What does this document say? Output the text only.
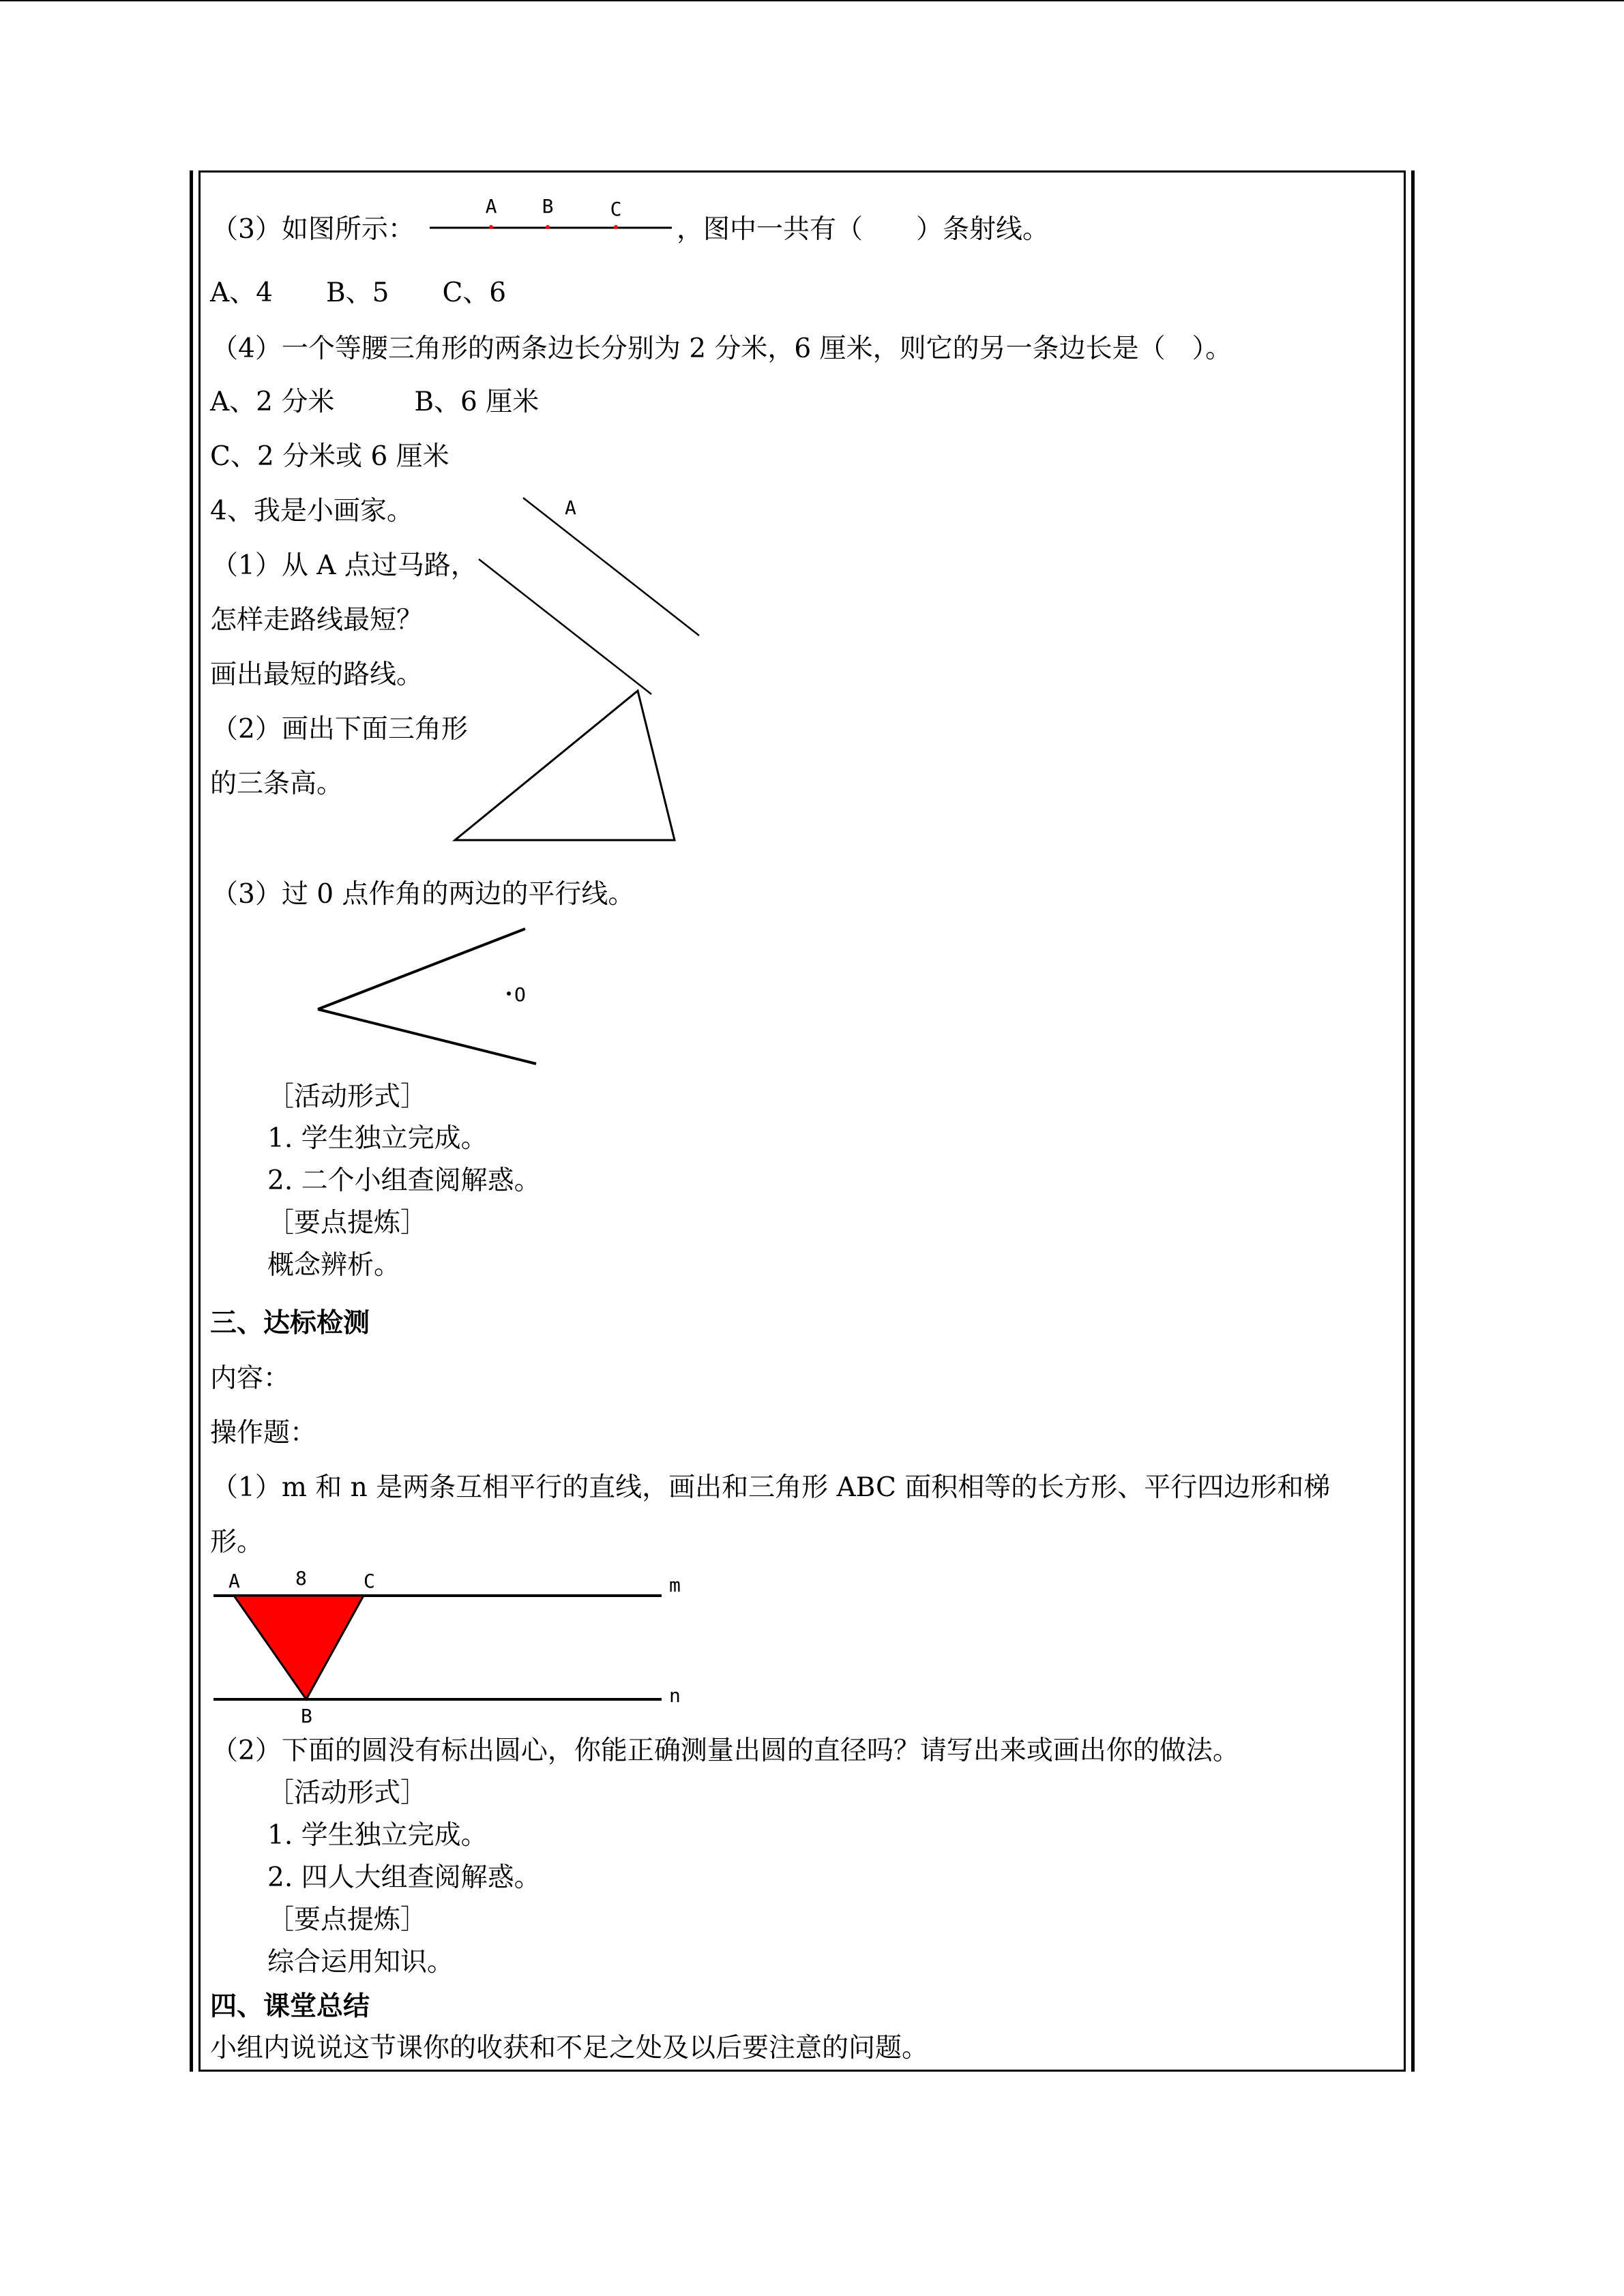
（3）如图所示：
A B	C
，图中一共有（　　）条射线。
A、4　　B、5　　C、6
（4）一个等腰三角形的两条边长分别为 2 分米，6 厘米，则它的另一条边长是（　）。
A、2 分米　　　B、6 厘米
C、2 分米或 6 厘米
4、我是小画家。
（1）从 A 点过马路，
怎样走路线最短？
画出最短的路线。
A
（2）画出下面三角形
的三条高。
（3）过 0 点作角的两边的平行线。
O
［活动形式］
1. 学生独立完成。
2. 二个小组查阅解惑。
［要点提炼］
概念辨析。
三、达标检测
内容：
操作题：
（1）m 和 n 是两条互相平行的直线，画出和三角形 ABC 面积相等的长方形、平行四边形和梯
形。
A	8	C
B
m
n
（2）下面的圆没有标出圆心，你能正确测量出圆的直径吗？请写出来或画出你的做法。
［活动形式］
1. 学生独立完成。
2. 四人大组查阅解惑。
［要点提炼］
综合运用知识。
四、课堂总结
小组内说说这节课你的收获和不足之处及以后要注意的问题。
